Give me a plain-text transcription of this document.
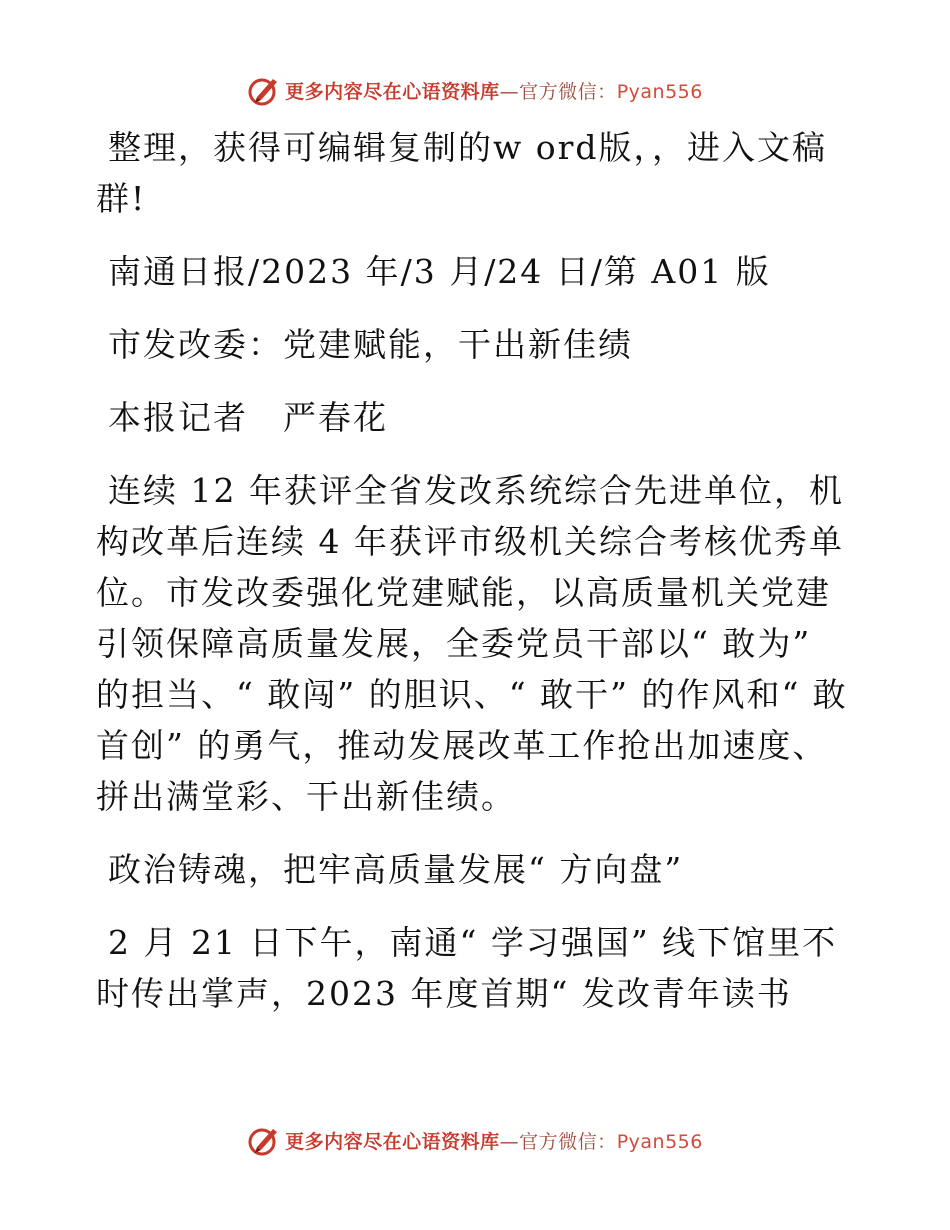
更多内容尽在心语资料库—官方微信：Pyan556

整理，获得可编辑复制的w ord版，，进入文稿群!

南通日报/2023 年/3 月/24 日/第 A01 版

市发改委：党建赋能，干出新佳绩

本报记者　严春花

连续 12 年获评全省发改系统综合先进单位，机构改革后连续 4 年获评市级机关综合考核优秀单位。市发改委强化党建赋能，以高质量机关党建引领保障高质量发展，全委党员干部以“ 敢为” 的担当、“ 敢闯” 的胆识、“ 敢干” 的作风和“ 敢首创” 的勇气，推动发展改革工作抢出加速度、拼出满堂彩、干出新佳绩。

政治铸魂，把牢高质量发展“ 方向盘”

2 月 21 日下午，南通“ 学习强国” 线下馆里不时传出掌声，2023 年度首期“ 发改青年读书

更多内容尽在心语资料库—官方微信：Pyan556
